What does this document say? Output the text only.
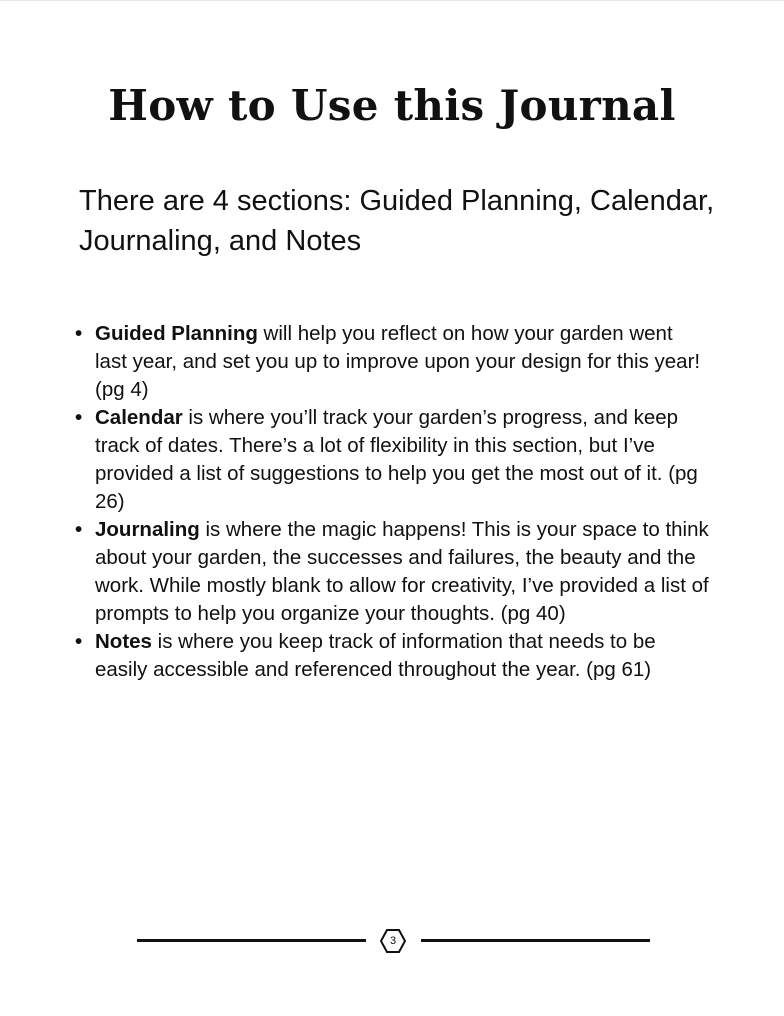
How to Use this Journal

There are 4 sections: Guided Planning, Calendar, Journaling, and Notes

• Guided Planning will help you reflect on how your garden went last year, and set you up to improve upon your design for this year! (pg 4)
• Calendar is where you’ll track your garden’s progress, and keep track of dates. There’s a lot of flexibility in this section, but I’ve provided a list of suggestions to help you get the most out of it. (pg 26)
• Journaling is where the magic happens! This is your space to think about your garden, the successes and failures, the beauty and the work. While mostly blank to allow for creativity, I’ve provided a list of prompts to help you organize your thoughts. (pg 40)
• Notes is where you keep track of information that needs to be easily accessible and referenced throughout the year. (pg 61)
3
